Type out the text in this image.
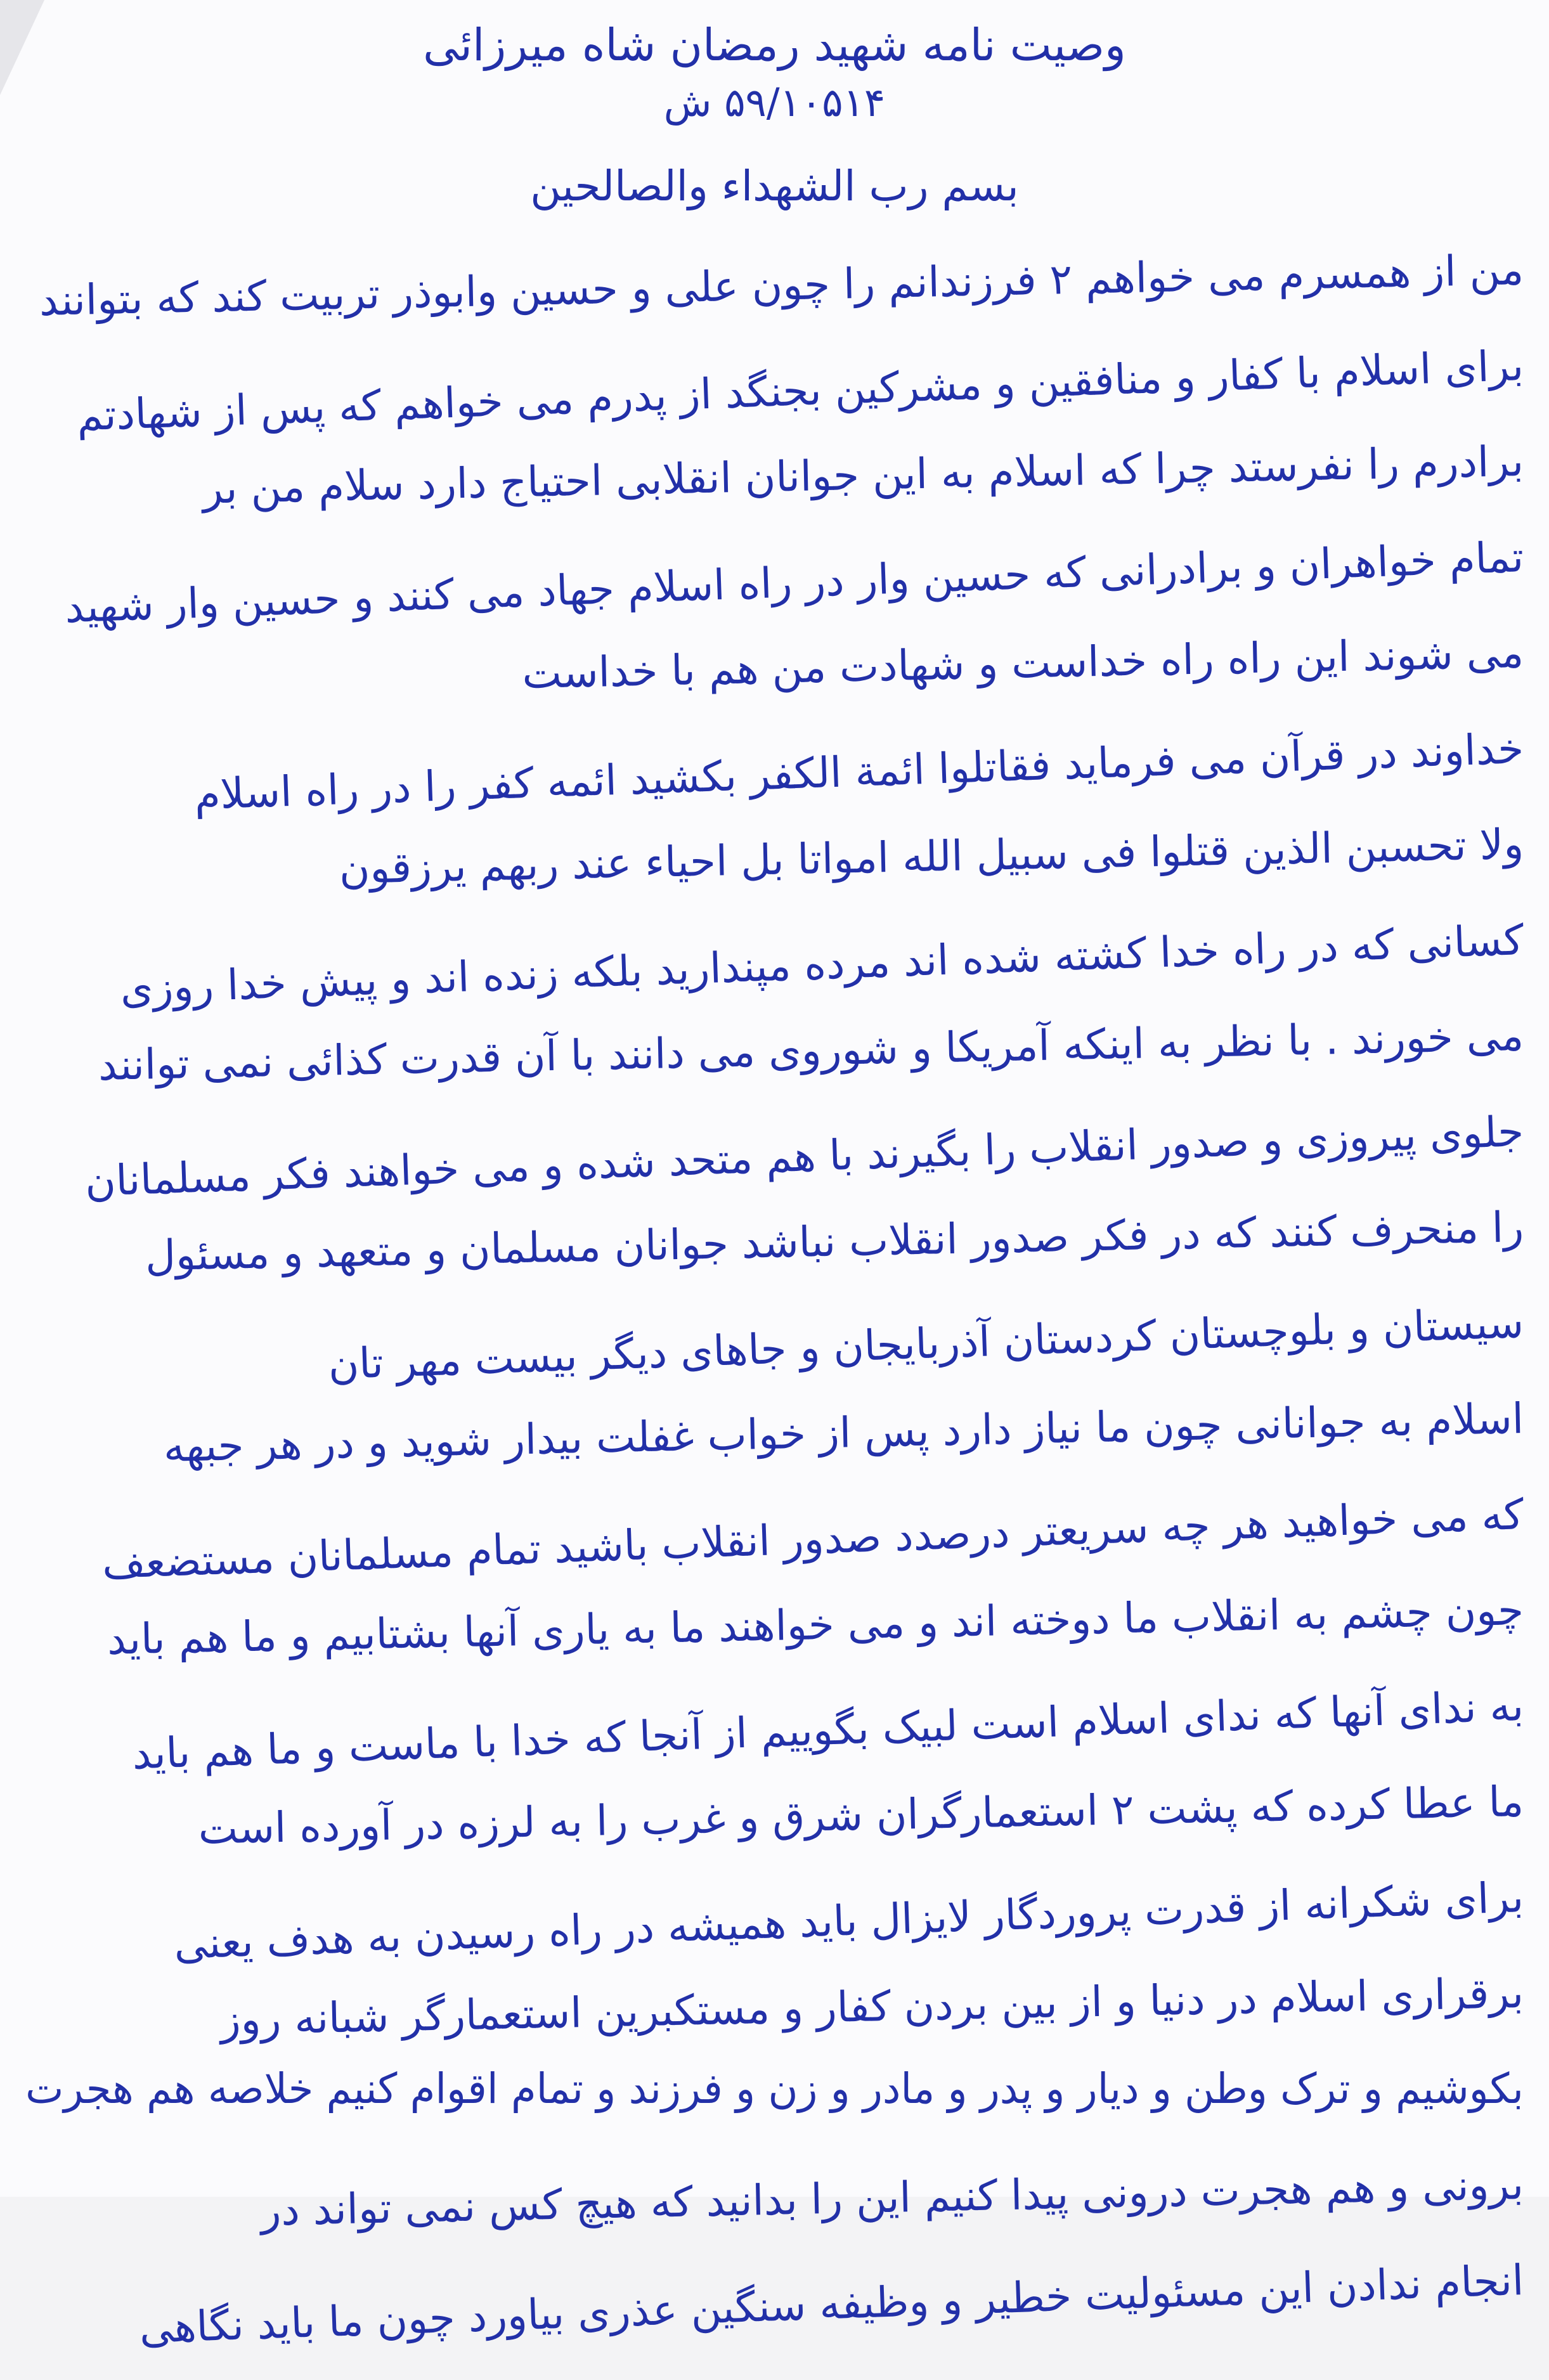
وصیت نامه شهید رمضان شاه میرزائی
۵۹/۱۰۵۱۴ ش
بسم رب الشهداء والصالحین
من از همسرم می خواهم ۲ فرزندانم را چون علی و حسین وابوذر تربیت کند که بتوانند
برای اسلام با کفار و منافقین و مشرکین بجنگد از پدرم می خواهم که پس از شهادتم
برادرم را نفرستد چرا که اسلام به این جوانان انقلابی احتیاج دارد سلام من بر
تمام خواهران و برادرانی که حسین وار در راه اسلام جهاد می کنند و حسین وار شهید
می شوند این راه راه خداست و شهادت من هم با خداست
خداوند در قرآن می فرماید فقاتلوا ائمة الکفر بکشید ائمه کفر را در راه اسلام
ولا تحسبن الذین قتلوا فی سبیل الله امواتا بل احیاء عند ربهم یرزقون
کسانی که در راه خدا کشته شده اند مرده مپندارید بلکه زنده اند و پیش خدا روزی
می خورند . با نظر به اینکه آمریکا و شوروی می دانند با آن قدرت کذائی نمی توانند
جلوی پیروزی و صدور انقلاب را بگیرند با هم متحد شده و می خواهند فکر مسلمانان
را منحرف کنند که در فکر صدور انقلاب نباشد جوانان مسلمان و متعهد و مسئول
سیستان و بلوچستان کردستان آذربایجان و جاهای دیگر بیست مهر تان
اسلام به جوانانی چون ما نیاز دارد پس از خواب غفلت بیدار شوید و در هر جبهه
که می خواهید هر چه سریعتر درصدد صدور انقلاب باشید تمام مسلمانان مستضعف
چون چشم به انقلاب ما دوخته اند و می خواهند ما به یاری آنها بشتابیم و ما هم باید
به ندای آنها که ندای اسلام است لبیک بگوییم از آنجا که خدا با ماست و ما هم باید
ما عطا کرده که پشت ۲ استعمارگران شرق و غرب را به لرزه در آورده است
برای شکرانه از قدرت پروردگار لایزال باید همیشه در راه رسیدن به هدف یعنی
برقراری اسلام در دنیا و از بین بردن کفار و مستکبرین استعمارگر شبانه روز
بکوشیم و ترک وطن و دیار و پدر و مادر و زن و فرزند و تمام اقوام کنیم خلاصه هم هجرت
برونی و هم هجرت درونی پیدا کنیم این را بدانید که هیچ کس نمی تواند در
انجام ندادن این مسئولیت خطیر و وظیفه سنگین عذری بیاورد چون ما باید نگاهی
